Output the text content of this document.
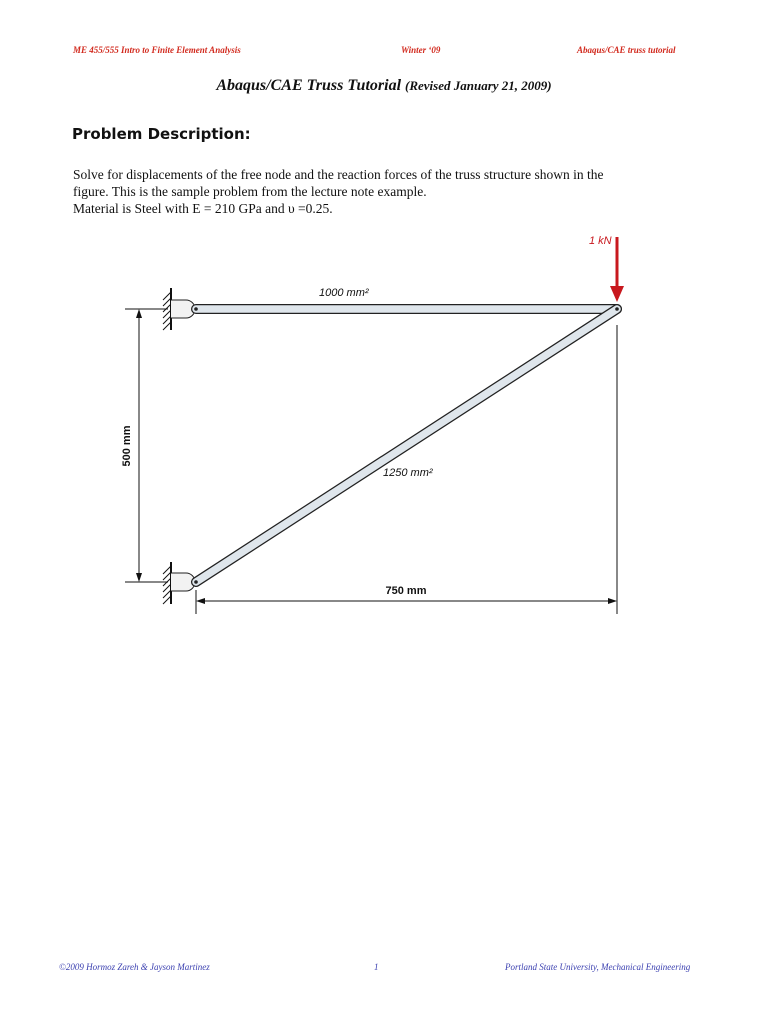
ME 455/555 Intro to Finite Element Analysis	Winter ‘09	Abaqus/CAE truss tutorial
Abaqus/CAE Truss Tutorial (Revised January 21, 2009)
Problem Description:
Solve for displacements of the free node and the reaction forces of the truss structure shown in the
figure. This is the sample problem from the lecture note example.
Material is Steel with E = 210 GPa and υ =0.25.
1 kN
1000 mm²
1250 mm²
500 mm
750 mm
©2009 Hormoz Zareh & Jayson Martinez	1	Portland State University, Mechanical Engineering
